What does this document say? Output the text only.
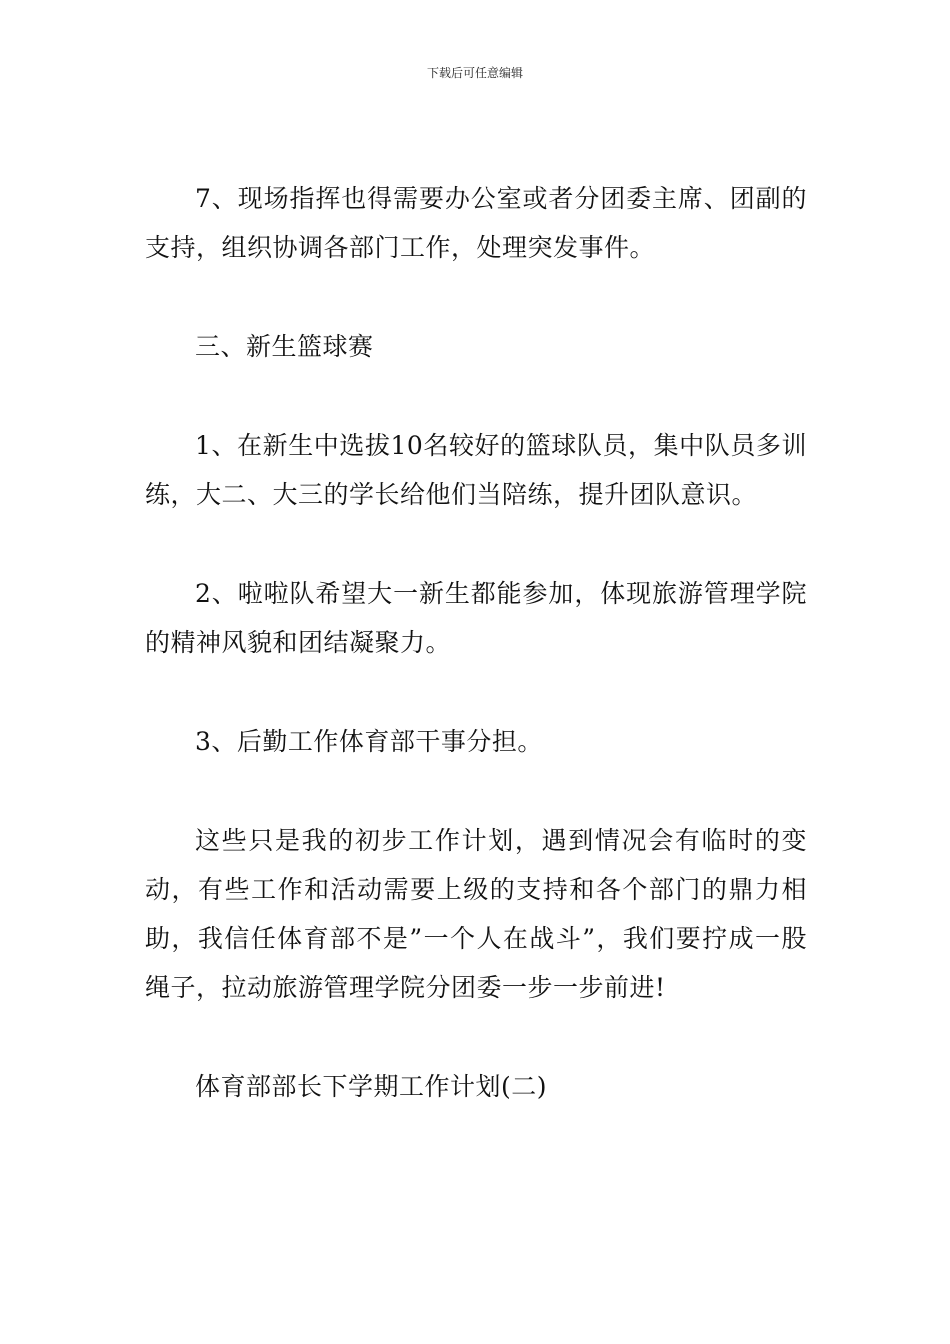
下载后可任意编辑

7、现场指挥也得需要办公室或者分团委主席、团副的支持，组织协调各部门工作，处理突发事件。

三、新生篮球赛

1、在新生中选拔10名较好的篮球队员，集中队员多训练，大二、大三的学长给他们当陪练，提升团队意识。

2、啦啦队希望大一新生都能参加，体现旅游管理学院的精神风貌和团结凝聚力。

3、后勤工作体育部干事分担。

这些只是我的初步工作计划，遇到情况会有临时的变动，有些工作和活动需要上级的支持和各个部门的鼎力相助，我信任体育部不是”一个人在战斗”，我们要拧成一股绳子，拉动旅游管理学院分团委一步一步前进!

体育部部长下学期工作计划(二)
